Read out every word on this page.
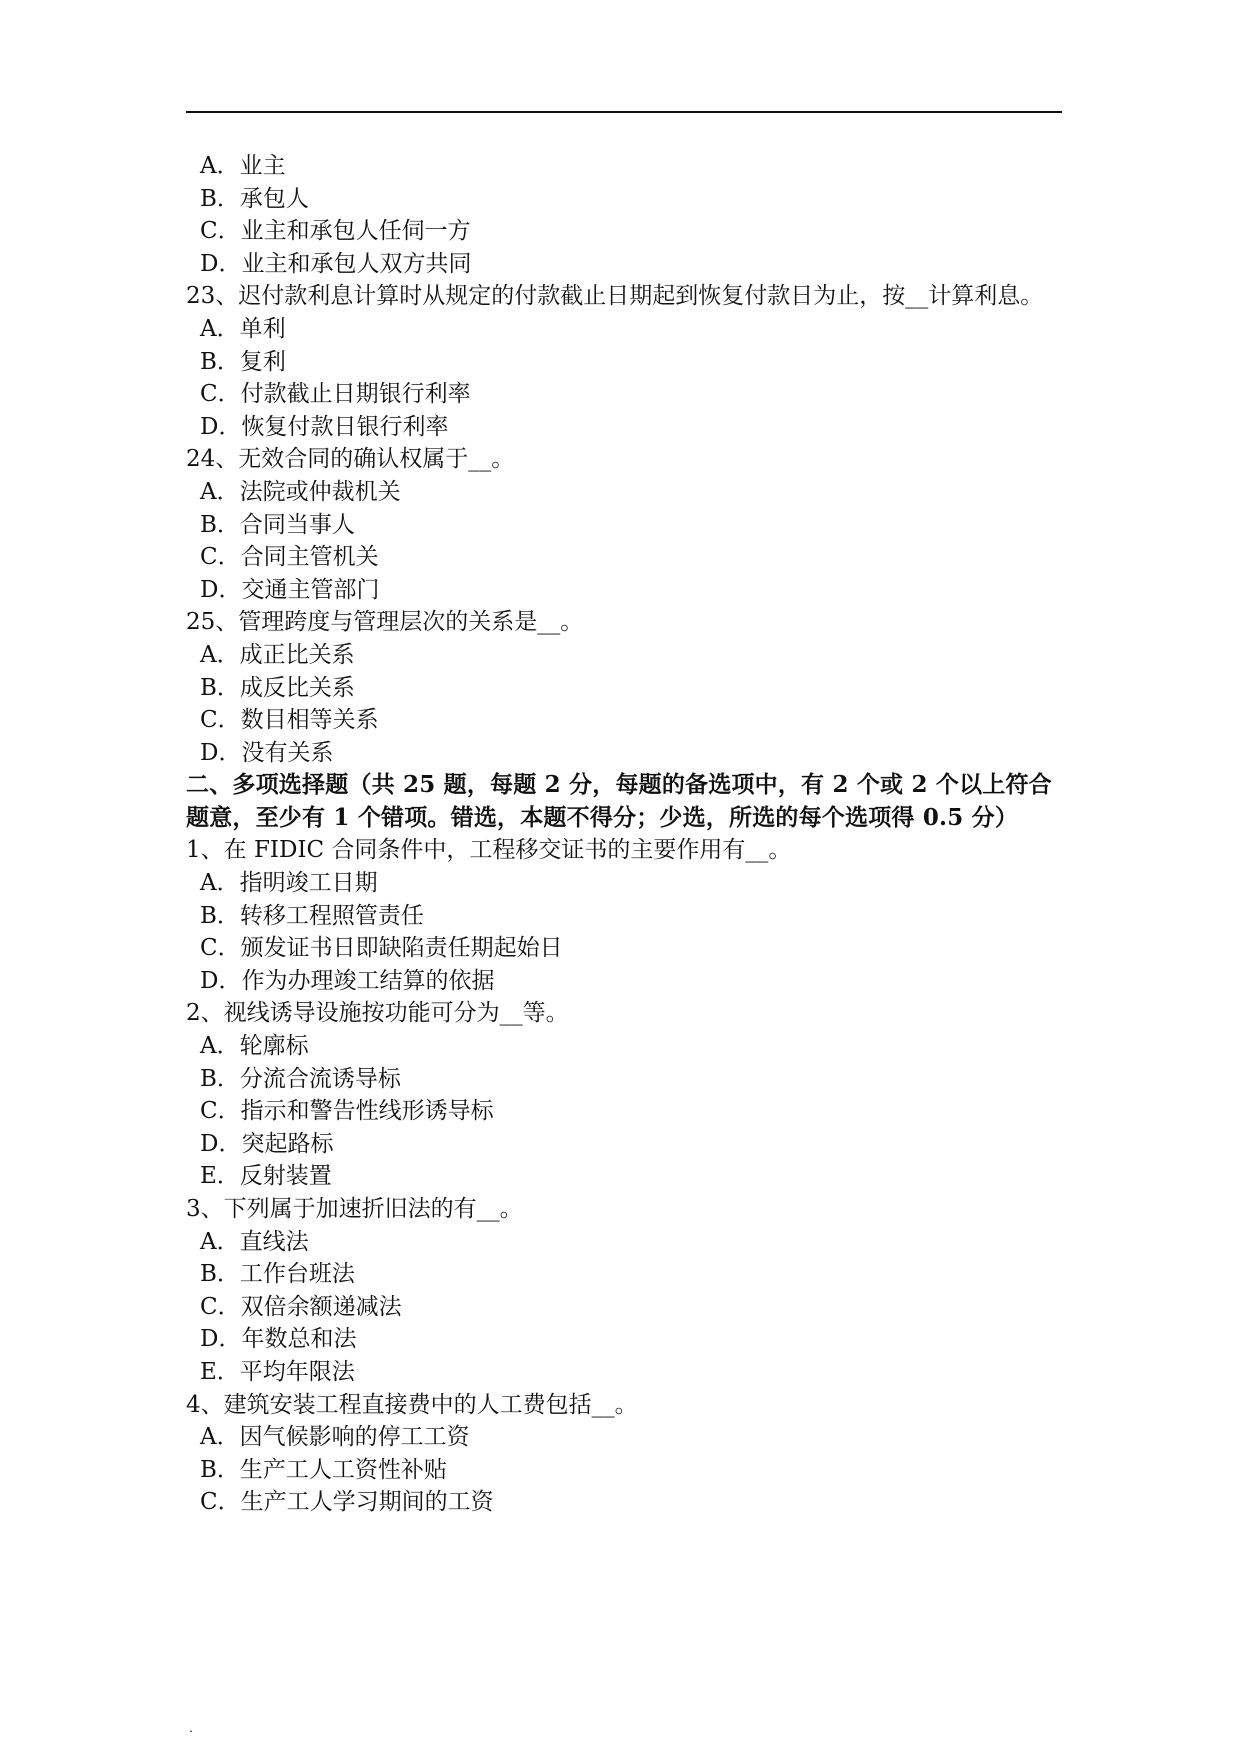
A．业主
B．承包人
C．业主和承包人任伺一方
D．业主和承包人双方共同
23、迟付款利息计算时从规定的付款截止日期起到恢复付款日为止，按__计算利息。
A．单利
B．复利
C．付款截止日期银行利率
D．恢复付款日银行利率
24、无效合同的确认权属于__。
A．法院或仲裁机关
B．合同当事人
C．合同主管机关
D．交通主管部门
25、管理跨度与管理层次的关系是__。
A．成正比关系
B．成反比关系
C．数目相等关系
D．没有关系
二、多项选择题（共 25 题，每题 2 分，每题的备选项中，有 2 个或 2 个以上符合题意，至少有 1 个错项。错选，本题不得分；少选，所选的每个选项得 0.5 分）
1、在 FIDIC 合同条件中，工程移交证书的主要作用有__。
A．指明竣工日期
B．转移工程照管责任
C．颁发证书日即缺陷责任期起始日
D．作为办理竣工结算的依据
2、视线诱导设施按功能可分为__等。
A．轮廓标
B．分流合流诱导标
C．指示和警告性线形诱导标
D．突起路标
E．反射装置
3、下列属于加速折旧法的有__。
A．直线法
B．工作台班法
C．双倍余额递减法
D．年数总和法
E．平均年限法
4、建筑安装工程直接费中的人工费包括__。
A．因气候影响的停工工资
B．生产工人工资性补贴
C．生产工人学习期间的工资
.
